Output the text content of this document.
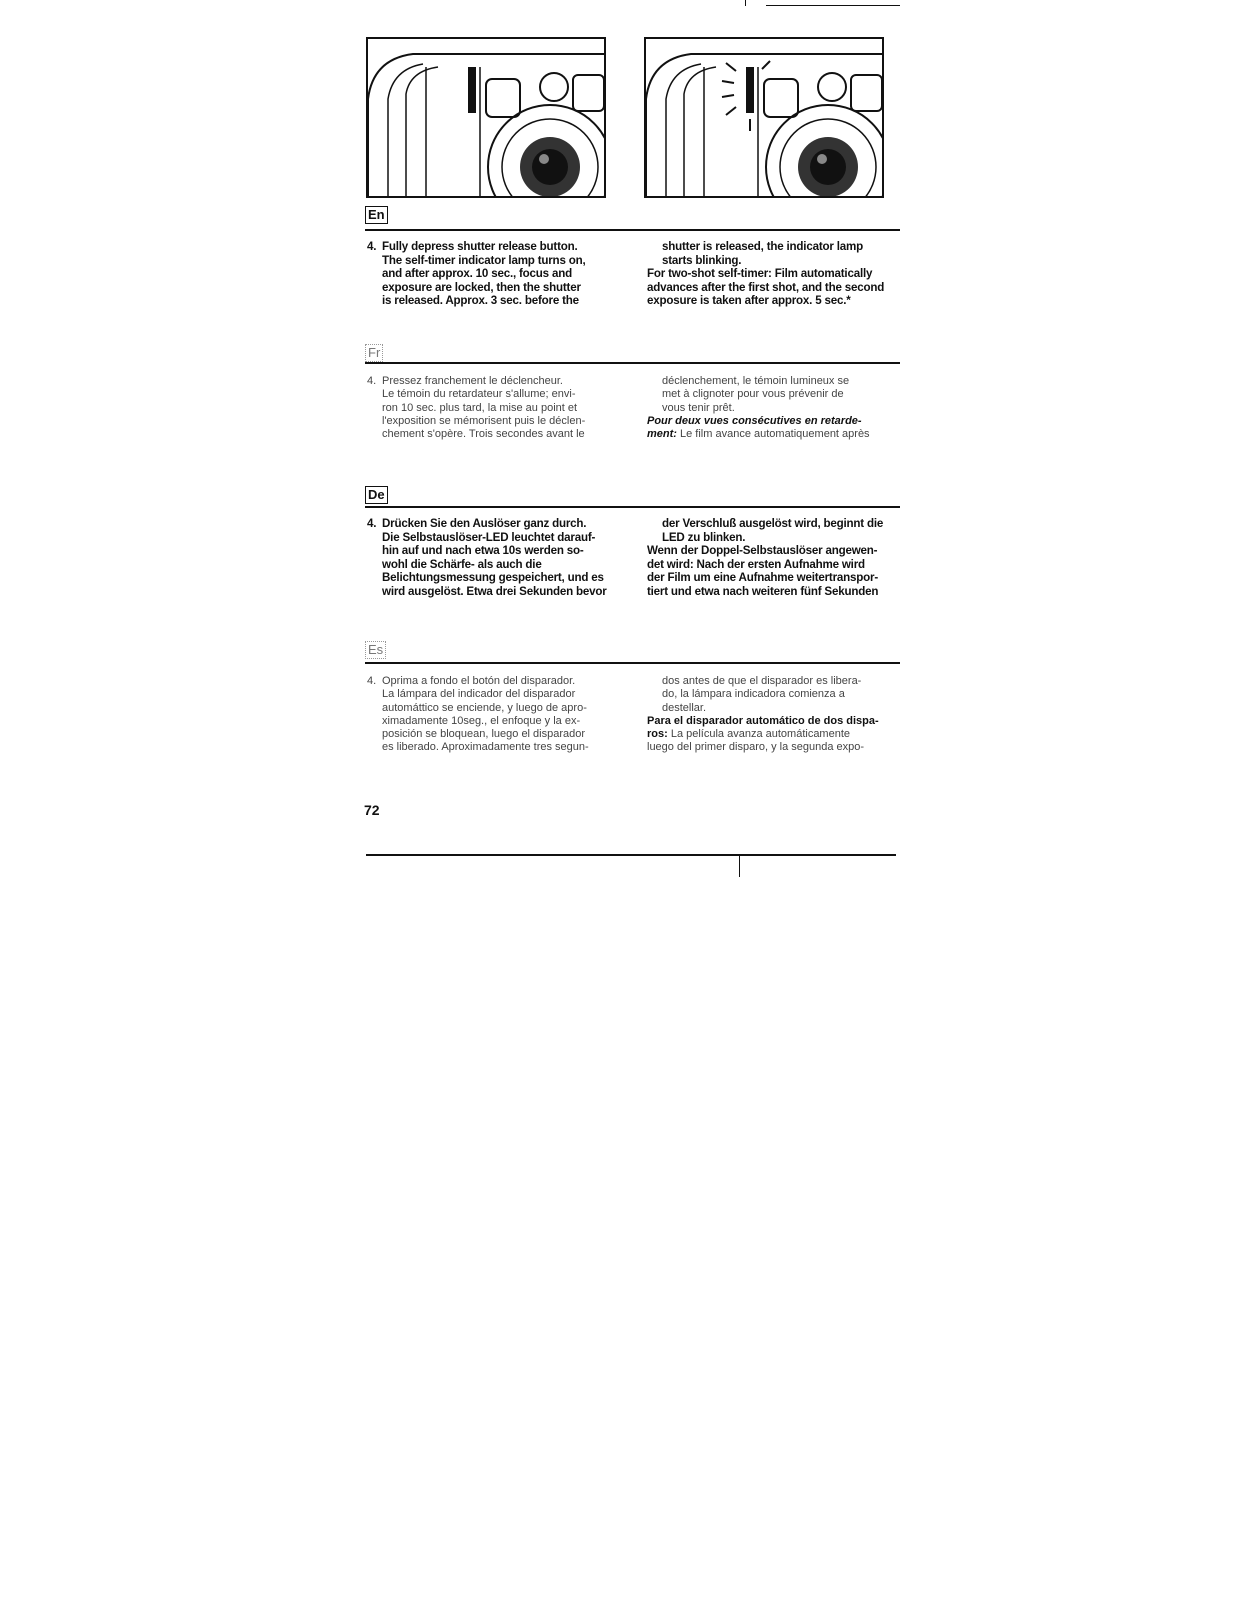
En
4. Fully depress shutter release button.
The self-timer indicator lamp turns on,
and after approx. 10 sec., focus and
exposure are locked, then the shutter
is released. Approx. 3 sec. before the
shutter is released, the indicator lamp
starts blinking.
For two-shot self-timer: Film automatically
advances after the first shot, and the second
exposure is taken after approx. 5 sec.*
Fr
4. Pressez franchement le déclencheur.
Le témoin du retardateur s'allume; envi-
ron 10 sec. plus tard, la mise au point et
l'exposition se mémorisent puis le déclen-
chement s'opère. Trois secondes avant le
déclenchement, le témoin lumineux se
met à clignoter pour vous prévenir de
vous tenir prêt.
Pour deux vues consécutives en retarde-
ment: Le film avance automatiquement après
De
4. Drücken Sie den Auslöser ganz durch.
Die Selbstauslöser-LED leuchtet darauf-
hin auf und nach etwa 10s werden so-
wohl die Schärfe- als auch die
Belichtungsmessung gespeichert, und es
wird ausgelöst. Etwa drei Sekunden bevor
der Verschluß ausgelöst wird, beginnt die
LED zu blinken.
Wenn der Doppel-Selbstauslöser angewen-
det wird: Nach der ersten Aufnahme wird
der Film um eine Aufnahme weitertranspor-
tiert und etwa nach weiteren fünf Sekunden
Es
4. Oprima a fondo el botón del disparador.
La lámpara del indicador del disparador
automáttico se enciende, y luego de apro-
ximadamente 10seg., el enfoque y la ex-
posición se bloquean, luego el disparador
es liberado. Aproximadamente tres segun-
dos antes de que el disparador es libera-
do, la lámpara indicadora comienza a
destellar.
Para el disparador automático de dos dispa-
ros: La película avanza automáticamente
luego del primer disparo, y la segunda expo-
72
